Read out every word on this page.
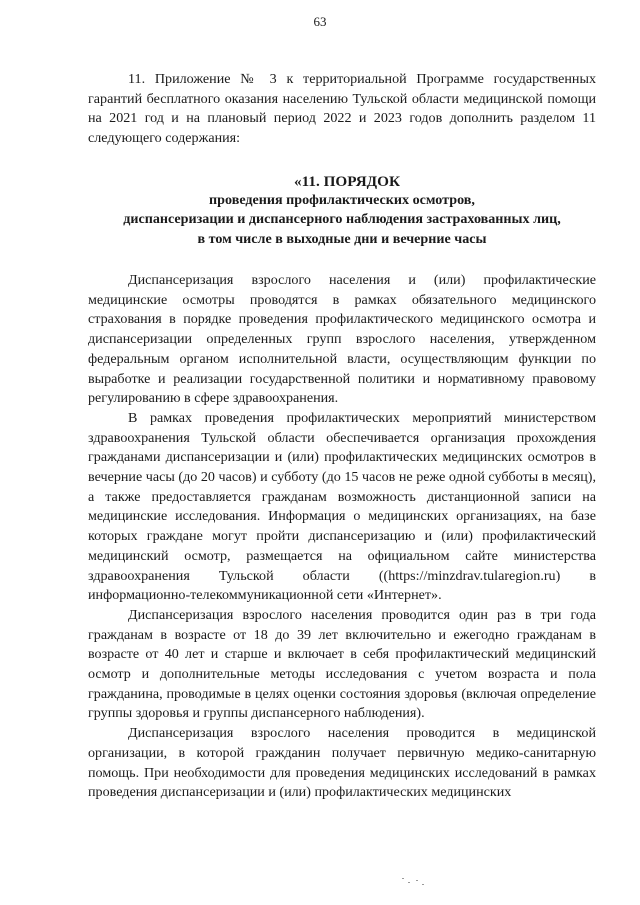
63

11. Приложение № 3 к территориальной Программе государственных гарантий бесплатного оказания населению Тульской области медицинской помощи на 2021 год и на плановый период 2022 и 2023 годов дополнить разделом 11 следующего содержания:

«11. ПОРЯДОК
проведения профилактических осмотров,
диспансеризации и диспансерного наблюдения застрахованных лиц,
в том числе в выходные дни и вечерние часы

Диспансеризация взрослого населения и (или) профилактические медицинские осмотры проводятся в рамках обязательного медицинского страхования в порядке проведения профилактического медицинского осмотра и диспансеризации определенных групп взрослого населения, утвержденном федеральным органом исполнительной власти, осуществляющим функции по выработке и реализации государственной политики и нормативному правовому регулированию в сфере здравоохранения.

В рамках проведения профилактических мероприятий министерством здравоохранения Тульской области обеспечивается организация прохождения гражданами диспансеризации и (или) профилактических медицинских осмотров в вечерние часы (до 20 часов) и субботу (до 15 часов не реже одной субботы в месяц), а также предоставляется гражданам возможность дистанционной записи на медицинские исследования. Информация о медицинских организациях, на базе которых граждане могут пройти диспансеризацию и (или) профилактический медицинский осмотр, размещается на официальном сайте министерства здравоохранения Тульской области ((https://minzdrav.tularegion.ru) в информационно-телекоммуникационной сети «Интернет».

Диспансеризация взрослого населения проводится один раз в три года гражданам в возрасте от 18 до 39 лет включительно и ежегодно гражданам в возрасте от 40 лет и старше и включает в себя профилактический медицинский осмотр и дополнительные методы исследования с учетом возраста и пола гражданина, проводимые в целях оценки состояния здоровья (включая определение группы здоровья и группы диспансерного наблюдения).

Диспансеризация взрослого населения проводится в медицинской организации, в которой гражданин получает первичную медико-санитарную помощь. При необходимости для проведения медицинских исследований в рамках проведения диспансеризации и (или) профилактических медицинских
